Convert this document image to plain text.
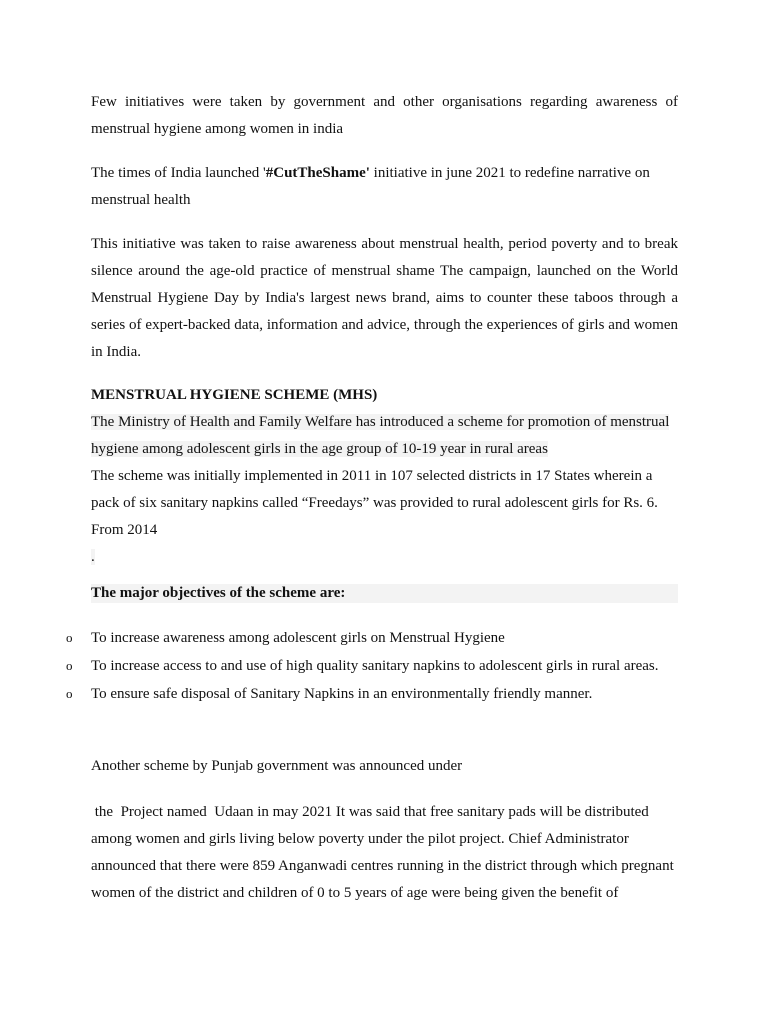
Few initiatives were taken by government and other organisations regarding awareness of menstrual hygiene among women in india

The times of India launched '#CutTheShame' initiative in june 2021 to redefine narrative on menstrual health

This initiative was taken to raise awareness about menstrual health, period poverty and to break silence around the age-old practice of menstrual shame The campaign, launched on the World Menstrual Hygiene Day by India's largest news brand, aims to counter these taboos through a series of expert-backed data, information and advice, through the experiences of girls and women in India.

MENSTRUAL HYGIENE SCHEME (MHS)

The Ministry of Health and Family Welfare has introduced a scheme for promotion of menstrual hygiene among adolescent girls in the age group of 10-19 year in rural areas

The scheme was initially implemented in 2011 in 107 selected districts in 17 States wherein a pack of six sanitary napkins called “Freedays” was provided to rural adolescent girls for Rs. 6. From 2014

.

The major objectives of the scheme are:

o To increase awareness among adolescent girls on Menstrual Hygiene
o To increase access to and use of high quality sanitary napkins to adolescent girls in rural areas.
o To ensure safe disposal of Sanitary Napkins in an environmentally friendly manner.

Another scheme by Punjab government was announced under

the  Project named  Udaan in may 2021 It was said that free sanitary pads will be distributed among women and girls living below poverty under the pilot project. Chief Administrator announced that there were 859 Anganwadi centres running in the district through which pregnant women of the district and children of 0 to 5 years of age were being given the benefit of
